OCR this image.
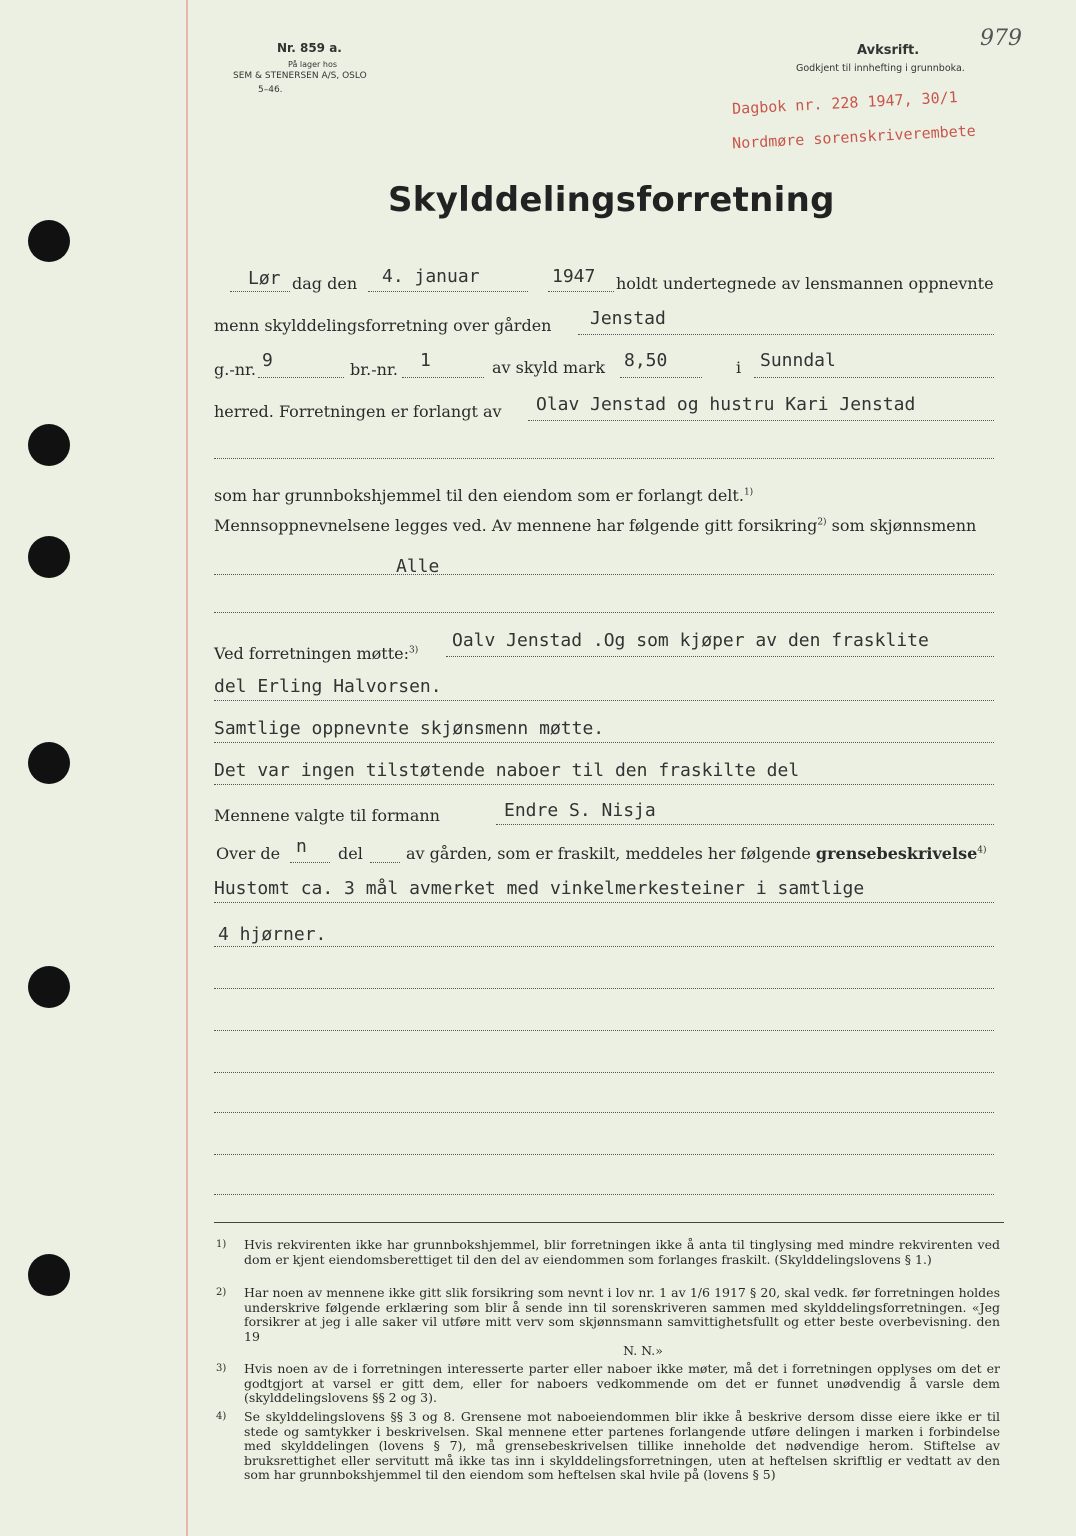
979
Nr. 859 a.
På lager hos
SEM & STENERSEN A/S, OSLO
5–46.
Avksrift.
Godkjent til innhefting i grunnboka.
Dagbok nr. 228 1947, 30/1
Nordmøre sorenskriverembete
Skylddelingsforretning
Lør dag den 4. januar	1947 holdt undertegnede av lensmannen oppnevnte
menn skylddelingsforretning over gården Jenstad
g.-nr. 9	br.-nr. 1	av skyld mark 8,50	i Sunndal
herred. Forretningen er forlangt av Olav Jenstad og hustru Kari Jenstad
som har grunnbokshjemmel til den eiendom som er forlangt delt.$^{1)}$
Mennsoppnevnelsene legges ved. Av mennene har følgende gitt forsikring$^{2)}$ som skjønnsmenn
Alle
Ved forretningen møtte:$^{3)}$ Oalv Jenstad .Og som kjøper av den frasklite
del Erling Halvorsen.
Samtlige oppnevnte skjønsmenn møtte.
Det var ingen tilstøtende naboer til den fraskilte del
Mennene valgte til formann	Endre S. Nisja
Over de n del	av gården, som er fraskilt, meddeles her følgende grensebeskrivelse$^{4)}$
Hustomt ca. 3 mål avmerket med vinkelmerkesteiner i samtlige
4 hjørner.
1) Hvis rekvirenten ikke har grunnbokshjemmel, blir forretningen ikke å anta til tinglysing med mindre rekvirenten ved dom er kjent eiendomsberettiget til den del av eiendommen som forlanges fraskilt. (Skylddelingslovens § 1.)

2) Har noen av mennene ikke gitt slik forsikring som nevnt i lov nr. 1 av 1/6 1917 § 20, skal vedk. før forretningen holdes underskrive følgende erklæring som blir å sende inn til sorenskriveren sammen med skylddelingsforretningen. «Jeg forsikrer at jeg i alle saker vil utføre mitt verv som skjønnsmann samvittighetsfullt og etter beste overbevisning. den 19

N. N.»

3) Hvis noen av de i forretningen interesserte parter eller naboer ikke møter, må det i forretningen opplyses om det er godtgjort at varsel er gitt dem, eller for naboers vedkommende om det er funnet unødvendig å varsle dem (skylddelingslovens §§ 2 og 3).

4) Se skylddelingslovens §§ 3 og 8. Grensene mot naboeiendommen blir ikke å beskrive dersom disse eiere ikke er til stede og samtykker i beskrivelsen. Skal mennene etter partenes forlangende utføre delingen i marken i forbindelse med skylddelingen (lovens § 7), må grensebeskrivelsen tillike inneholde det nødvendige herom. Stiftelse av bruksrettighet eller servitutt må ikke tas inn i skylddelingsforretningen, uten at heftelsen skriftlig er vedtatt av den som har grunnbokshjemmel til den eiendom som heftelsen skal hvile på (lovens § 5)
